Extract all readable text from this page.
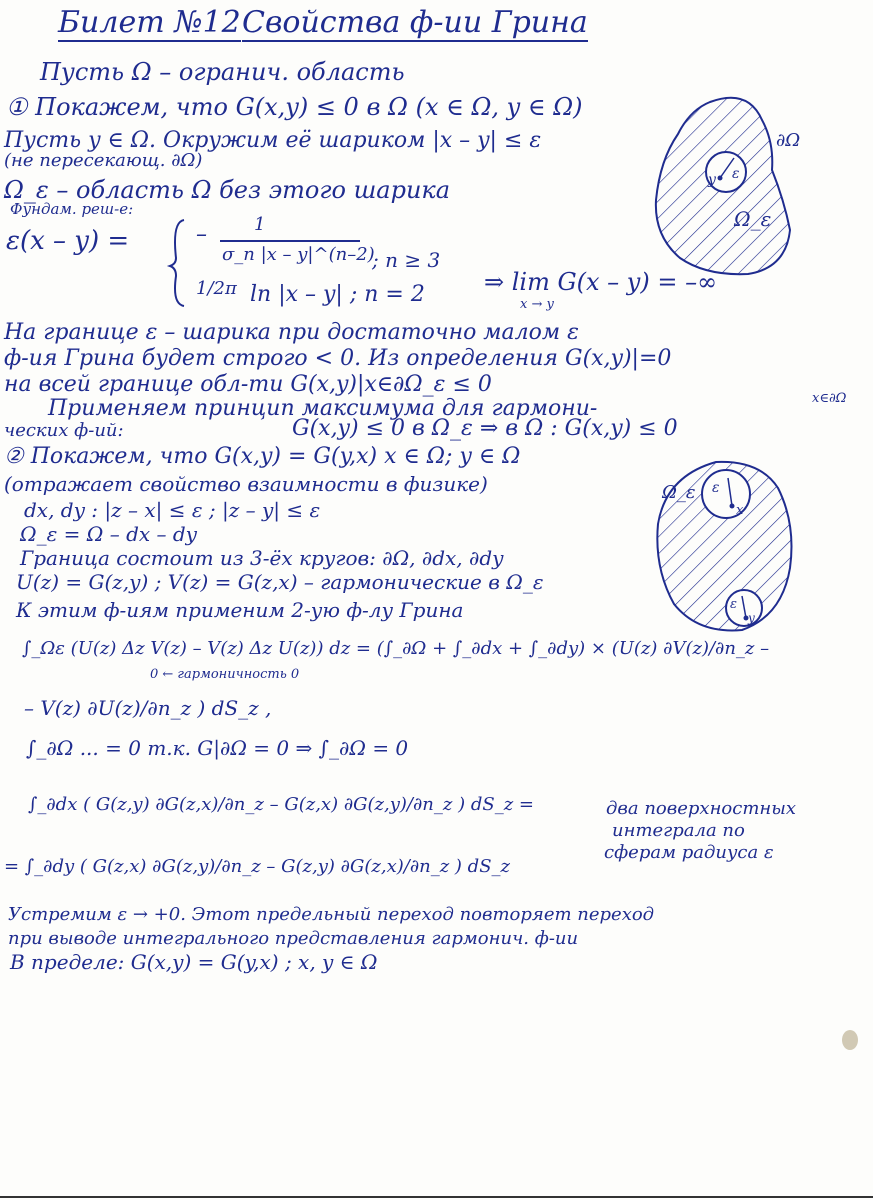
Билет №12 Свойства ф-ии Грина
Пусть Ω – огранич. область
① Покажем, что G(x,y) ≤ 0 в Ω (x ∈ Ω, y ∈ Ω)
Пусть y ∈ Ω. Окружим её шариком |x – y| ≤ ε
(не пересекающ. ∂Ω)
Ω_ε – область Ω без этого шарика
Фундам. реш-е:
ε(x – y) =	–	1
σ_n |x – y|^(n–2)
; n ≥ 3
1/2π ln |x – y| ; n = 2 ⇒ lim G(x – y) = –∞
x → y
На границе ε – шарика при достаточно малом ε
ф-ия Грина будет строго < 0. Из определения G(x,y)|=0
на всей границе обл-ти G(x,y)|x∈∂Ω_ε ≤ 0
х∈∂Ω
Применяем принцип максимума для гармони-
ческих ф-ий:	G(x,y) ≤ 0 в Ω_ε ⇒ в Ω : G(x,y) ≤ 0
② Покажем, что G(x,y) = G(y,x) x ∈ Ω; y ∈ Ω
(отражает свойство взаимности в физике)
dx, dy : |z – x| ≤ ε ; |z – y| ≤ ε
Ω_ε = Ω – dx – dy
Граница состоит из 3-ёх кругов: ∂Ω, ∂dx, ∂dy
U(z) = G(z,y) ; V(z) = G(z,x) – гармонические в Ω_ε
К этим ф-иям применим 2-ую ф-лу Грина
∫_Ωε (U(z) Δz V(z) – V(z) Δz U(z)) dz = (∫_∂Ω + ∫_∂dx + ∫_∂dy) × (U(z) ∂V(z)/∂n_z –
0 ← гармоничность 0
– V(z) ∂U(z)/∂n_z ) dS_z ,
∫_∂Ω ... = 0 т.к. G|∂Ω = 0 ⇒ ∫_∂Ω = 0
∫_∂dx ( G(z,y) ∂G(z,x)/∂n_z – G(z,x) ∂G(z,y)/∂n_z ) dS_z =
= ∫_∂dy ( G(z,x) ∂G(z,y)/∂n_z – G(z,y) ∂G(z,x)/∂n_z ) dS_z
два поверхностных
интеграла по
сферам радиуса ε
Устремим ε → +0. Этот предельный переход повторяет переход
при выводе интегрального представления гармонич. ф-ии
В пределе: G(x,y) = G(y,x) ; x, y ∈ Ω
y ε
Ω_ε
∂Ω
ε
x
ε
y
Ω_ε
